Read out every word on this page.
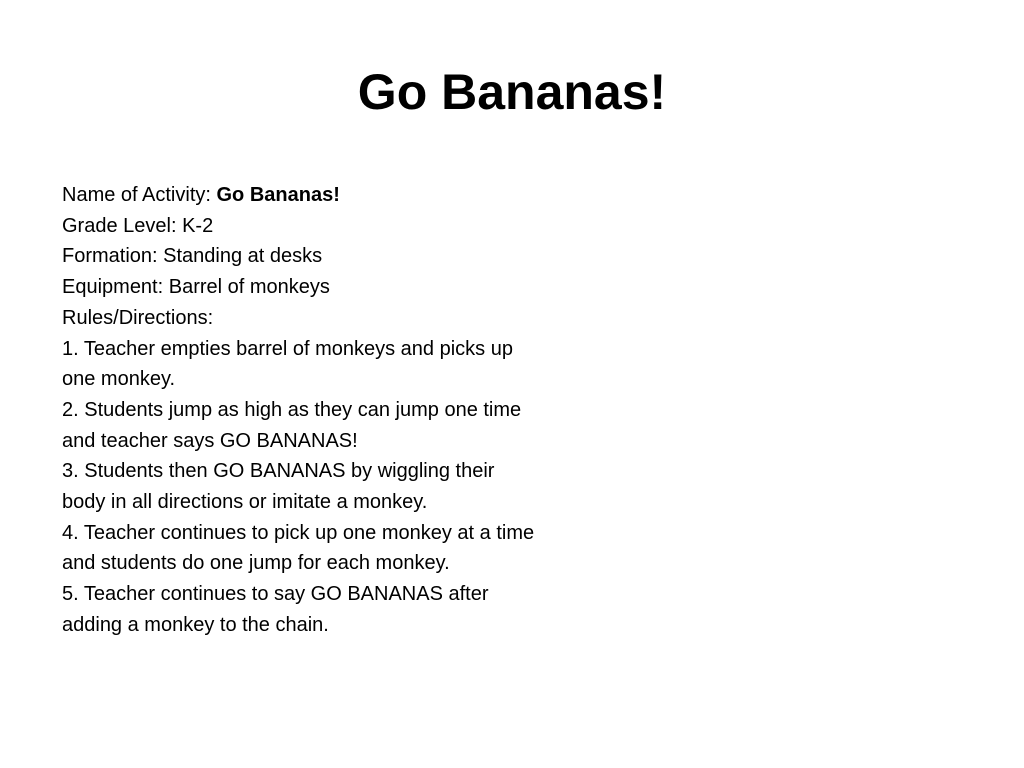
Go Bananas!
Name of Activity: Go Bananas!
Grade Level: K-2
Formation: Standing at desks
Equipment: Barrel of monkeys
Rules/Directions:
1. Teacher empties barrel of monkeys and picks up
one monkey.
2. Students jump as high as they can jump one time
and teacher says GO BANANAS!
3. Students then GO BANANAS by wiggling their
body in all directions or imitate a monkey.
4. Teacher continues to pick up one monkey at a time
and students do one jump for each monkey.
5. Teacher continues to say GO BANANAS after
adding a monkey to the chain.
